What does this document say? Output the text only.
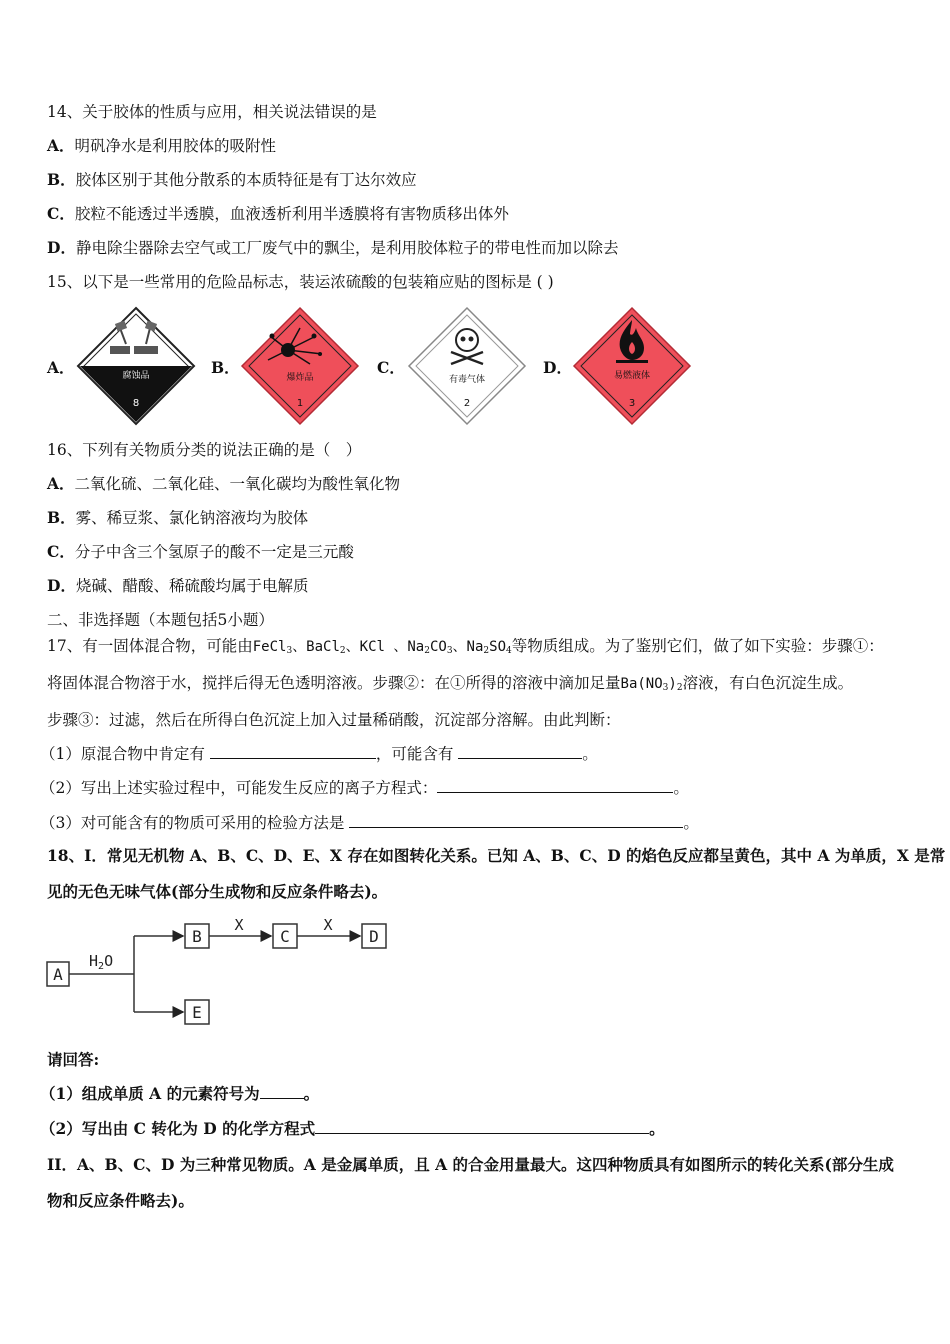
14、关于胶体的性质与应用，相关说法错误的是
A．明矾净水是利用胶体的吸附性
B．胶体区别于其他分散系的本质特征是有丁达尔效应
C．胶粒不能透过半透膜，血液透析利用半透膜将有害物质移出体外
D．静电除尘器除去空气或工厂废气中的飘尘，是利用胶体粒子的带电性而加以除去
15、以下是一些常用的危险品标志，装运浓硫酸的包装箱应贴的图标是 ( )
A．	腐蚀品
8
B．
爆炸品
1
C．
有毒气体
2
D．	易燃液体
3
16、下列有关物质分类的说法正确的是（　）
A．二氧化硫、二氧化硅、一氧化碳均为酸性氧化物
B．雾、稀豆浆、氯化钠溶液均为胶体
C．分子中含三个氢原子的酸不一定是三元酸
D．烧碱、醋酸、稀硫酸均属于电解质
二、非选择题（本题包括5小题）
17、有一固体混合物，可能由FeCl$_3$、BaCl$_2$、KCl 、$Na_2CO_3$、$Na_2SO_4$等物质组成。为了鉴别它们，做了如下实验：步骤①：
将固体混合物溶于水，搅拌后得无色透明溶液。步骤②：在①所得的溶液中滴加足量$Ba(NO_3)_2$溶液，有白色沉淀生成。
步骤③：过滤，然后在所得白色沉淀上加入过量稀硝酸，沉淀部分溶解。由此判断：
（1）原混合物中肯定有	，可能含有	。
（2）写出上述实验过程中，可能发生反应的离子方程式：	。
（3）对可能含有的物质可采用的检验方法是	。
18、I．常见无机物 A、B、C、D、E、X 存在如图转化关系。已知 A、B、C、D 的焰色反应都呈黄色，其中 A 为单质，X 是常
见的无色无味气体(部分生成物和反应条件略去)。
A
$H_2O$
B
E
X
C
X
D
请回答:
（1）组成单质 A 的元素符号为	。
（2）写出由 C 转化为 D 的化学方程式	。
II．A、B、C、D 为三种常见物质。A 是金属单质，且 A 的合金用量最大。这四种物质具有如图所示的转化关系(部分生成
物和反应条件略去)。
